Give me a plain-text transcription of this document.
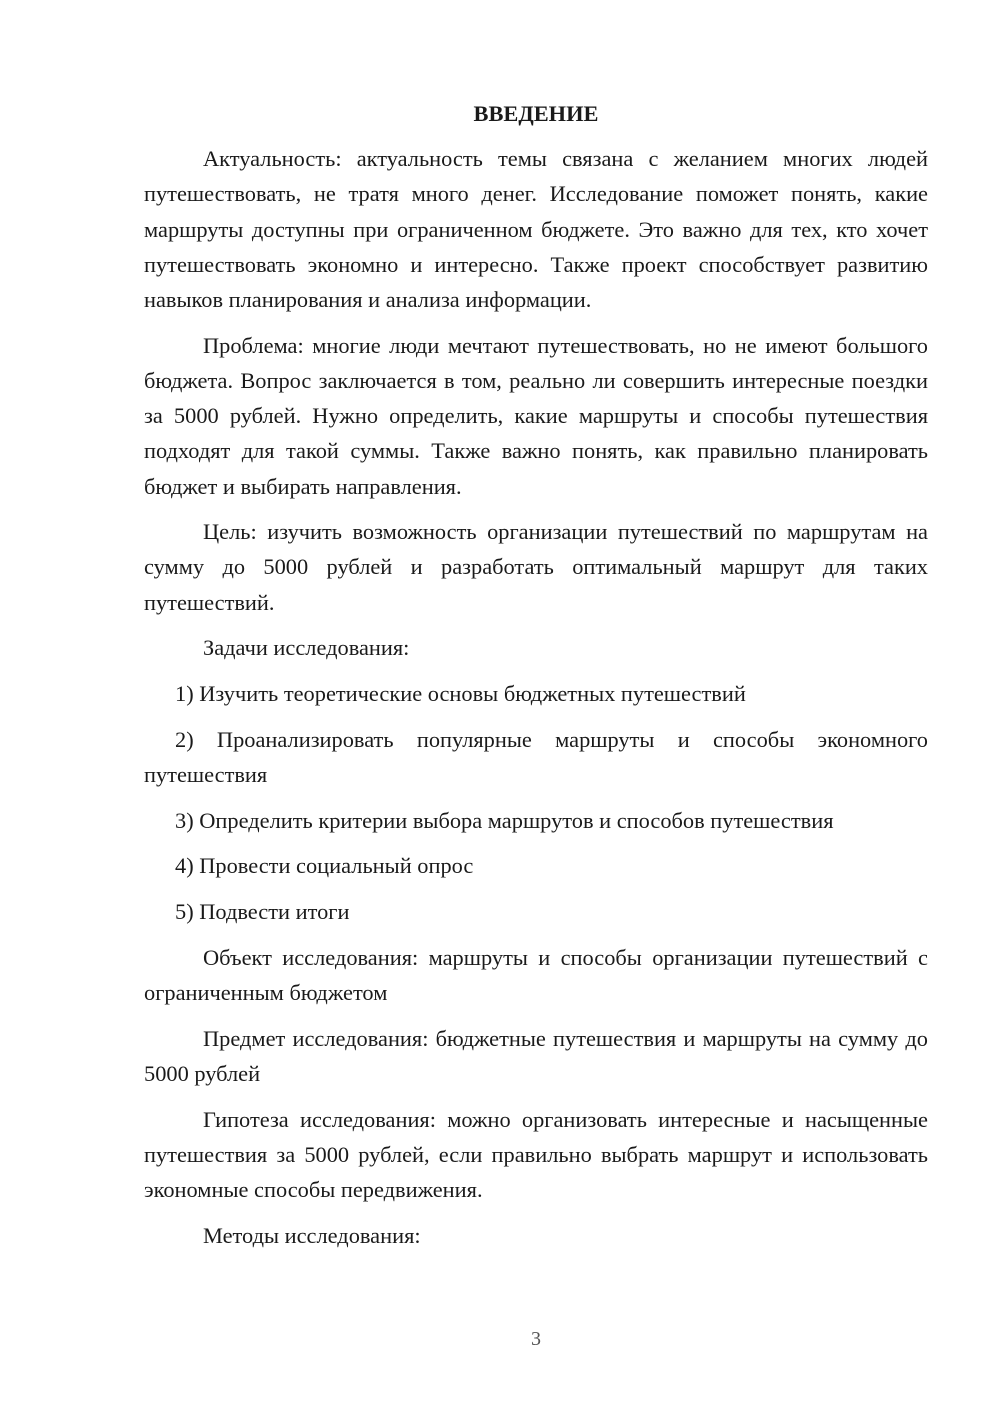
ВВЕДЕНИЕ

Актуальность: актуальность темы связана с желанием многих людей путешествовать, не тратя много денег. Исследование поможет понять, какие маршруты доступны при ограниченном бюджете. Это важно для тех, кто хочет путешествовать экономно и интересно. Также проект способствует развитию навыков планирования и анализа информации.

Проблема: многие люди мечтают путешествовать, но не имеют большого бюджета. Вопрос заключается в том, реально ли совершить интересные поездки за 5000 рублей. Нужно определить, какие маршруты и способы путешествия подходят для такой суммы. Также важно понять, как правильно планировать бюджет и выбирать направления.

Цель: изучить возможность организации путешествий по маршрутам на сумму до 5000 рублей и разработать оптимальный маршрут для таких путешествий.

Задачи исследования:

1) Изучить теоретические основы бюджетных путешествий

2) Проанализировать популярные маршруты и способы экономного путешествия

3) Определить критерии выбора маршрутов и способов путешествия

4) Провести социальный опрос

5) Подвести итоги

Объект исследования: маршруты и способы организации путешествий с ограниченным бюджетом

Предмет исследования: бюджетные путешествия и маршруты на сумму до 5000 рублей

Гипотеза исследования: можно организовать интересные и насыщенные путешествия за 5000 рублей, если правильно выбрать маршрут и использовать экономные способы передвижения.

Методы исследования:

3
